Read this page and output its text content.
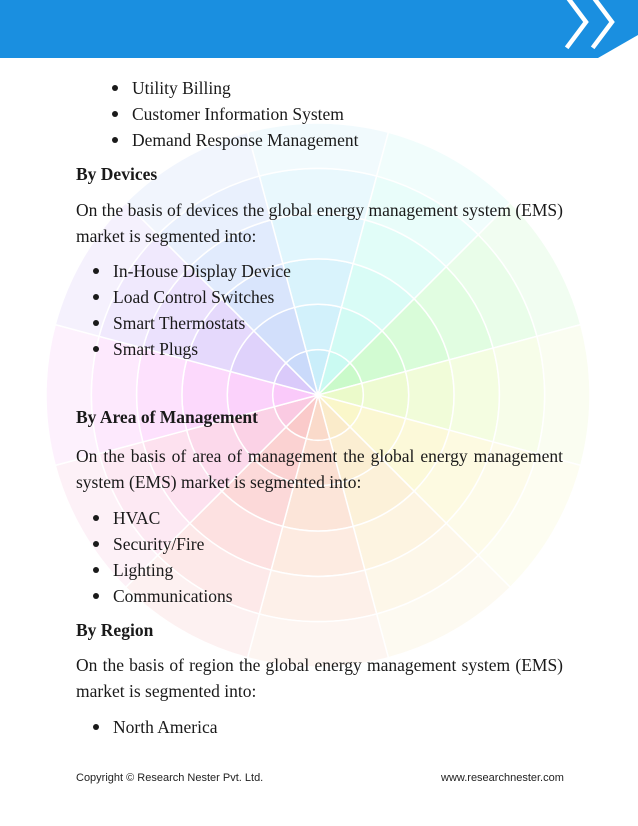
Utility Billing
Customer Information System
Demand Response Management
By Devices
On the basis of devices the global energy management system (EMS) market is segmented into:
In-House Display Device
Load Control Switches
Smart Thermostats
Smart Plugs
By Area of Management
On the basis of area of management the global energy management system (EMS) market is segmented into:
HVAC
Security/Fire
Lighting
Communications
By Region
On the basis of region the global energy management system (EMS) market is segmented into:
North America
Copyright © Research Nester Pvt. Ltd.	www.researchnester.com
